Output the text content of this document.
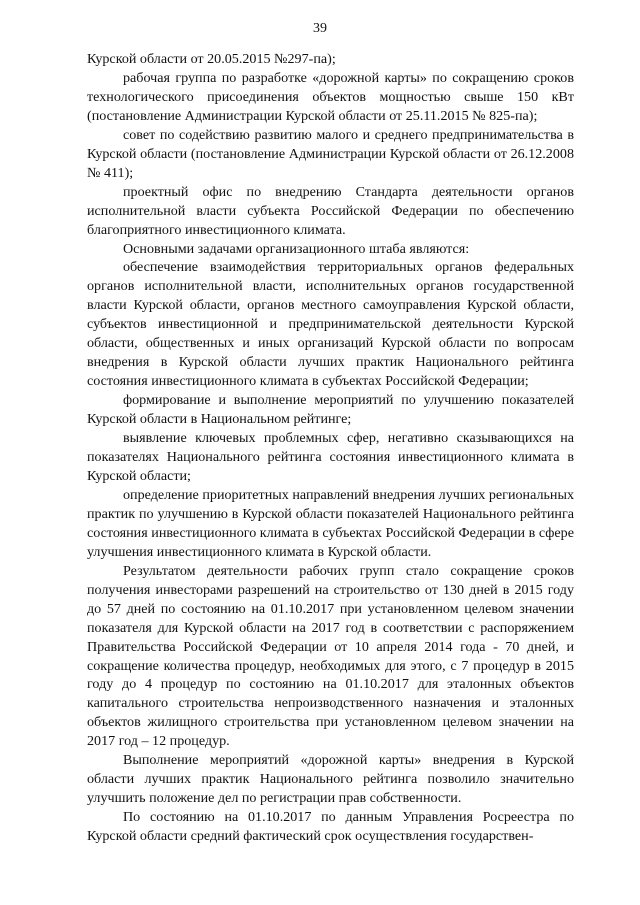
39

Курской области от 20.05.2015 №297-па);

рабочая группа по разработке «дорожной карты» по сокращению сроков технологического присоединения объектов мощностью свыше 150 кВт (постановление Администрации Курской области от 25.11.2015 № 825-па);

совет по содействию развитию малого и среднего предпринимательства в Курской области (постановление Администрации Курской области от 26.12.2008 № 411);

проектный офис по внедрению Стандарта деятельности органов исполнительной власти субъекта Российской Федерации по обеспечению благоприятного инвестиционного климата.

Основными задачами организационного штаба являются:

обеспечение взаимодействия территориальных органов федеральных органов исполнительной власти, исполнительных органов государственной власти Курской области, органов местного самоуправления Курской области, субъектов инвестиционной и предпринимательской деятельности Курской области, общественных и иных организаций Курской области по вопросам внедрения в Курской области лучших практик Национального рейтинга состояния инвестиционного климата в субъектах Российской Федерации;

формирование и выполнение мероприятий по улучшению показателей Курской области в Национальном рейтинге;

выявление ключевых проблемных сфер, негативно сказывающихся на показателях Национального рейтинга состояния инвестиционного климата в Курской области;

определение приоритетных направлений внедрения лучших региональных практик по улучшению в Курской области показателей Национального рейтинга состояния инвестиционного климата в субъектах Российской Федерации в сфере улучшения инвестиционного климата в Курской области.

Результатом деятельности рабочих групп стало сокращение сроков получения инвесторами разрешений на строительство от 130 дней в 2015 году до 57 дней по состоянию на 01.10.2017 при установленном целевом значении показателя для Курской области на 2017 год в соответствии с распоряжением Правительства Российской Федерации от 10 апреля 2014 года - 70 дней, и сокращение количества процедур, необходимых для этого, с 7 процедур в 2015 году до 4 процедур по состоянию на 01.10.2017 для эталонных объектов капитального строительства непроизводственного назначения и эталонных объектов жилищного строительства при установленном целевом значении на 2017 год – 12 процедур.

Выполнение мероприятий «дорожной карты» внедрения в Курской области лучших практик Национального рейтинга позволило значительно улучшить положение дел по регистрации прав собственности.

По состоянию на 01.10.2017 по данным Управления Росреестра по Курской области средний фактический срок осуществления государствен-
